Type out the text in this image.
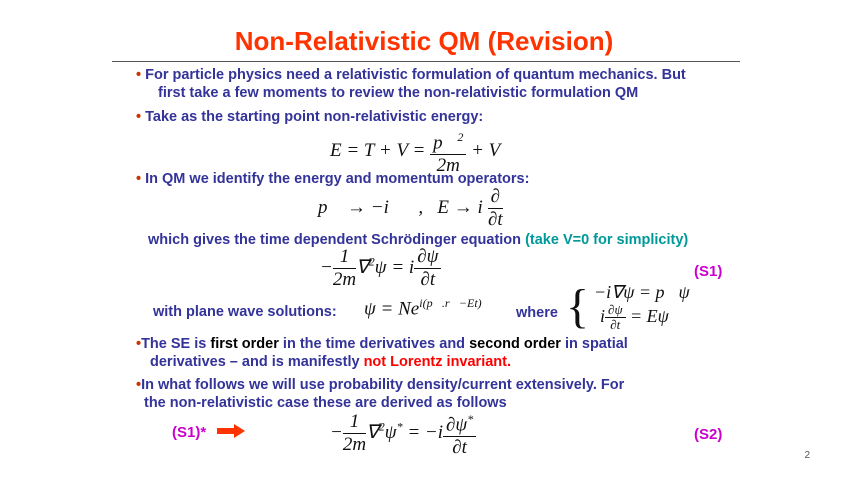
Non-Relativistic QM (Revision)
• For particle physics need a relativistic formulation of quantum mechanics. But
first take a few moments to review the non-relativistic formulation QM
• Take as the starting point non-relativistic energy:
$E = T + V = \frac{p⃗^2}{2m} + V$
• In QM we identify the energy and momentum operators:
p⃗ → −i∇⃗,   E → i $\frac{\partial}{\partial t}$
which gives the time dependent Schrödinger equation (take V=0 for simplicity)
− $\frac{1}{2m}$ ∇⃗$^2$ψ = i $\frac{\partial\psi}{\partial t}$	(S1)
with plane wave solutions: $\psi = Ne^{i(p⃗.r⃗-Et)}$
where { −i∇ψ = p⃗ψ
i $\frac{\partial\psi}{\partial t} = E\psi$
•The SE is first order in the time derivatives and second order in spatial
derivatives – and is manifestly not Lorentz invariant.
•In what follows we will use probability density/current extensively. For
the non-relativistic case these are derived as follows
(S1)*	− $\frac{1}{2m}$ ∇⃗$^2$ψ* = $-i \frac{\partial\psi^*}{\partial t}$	(S2)
2
